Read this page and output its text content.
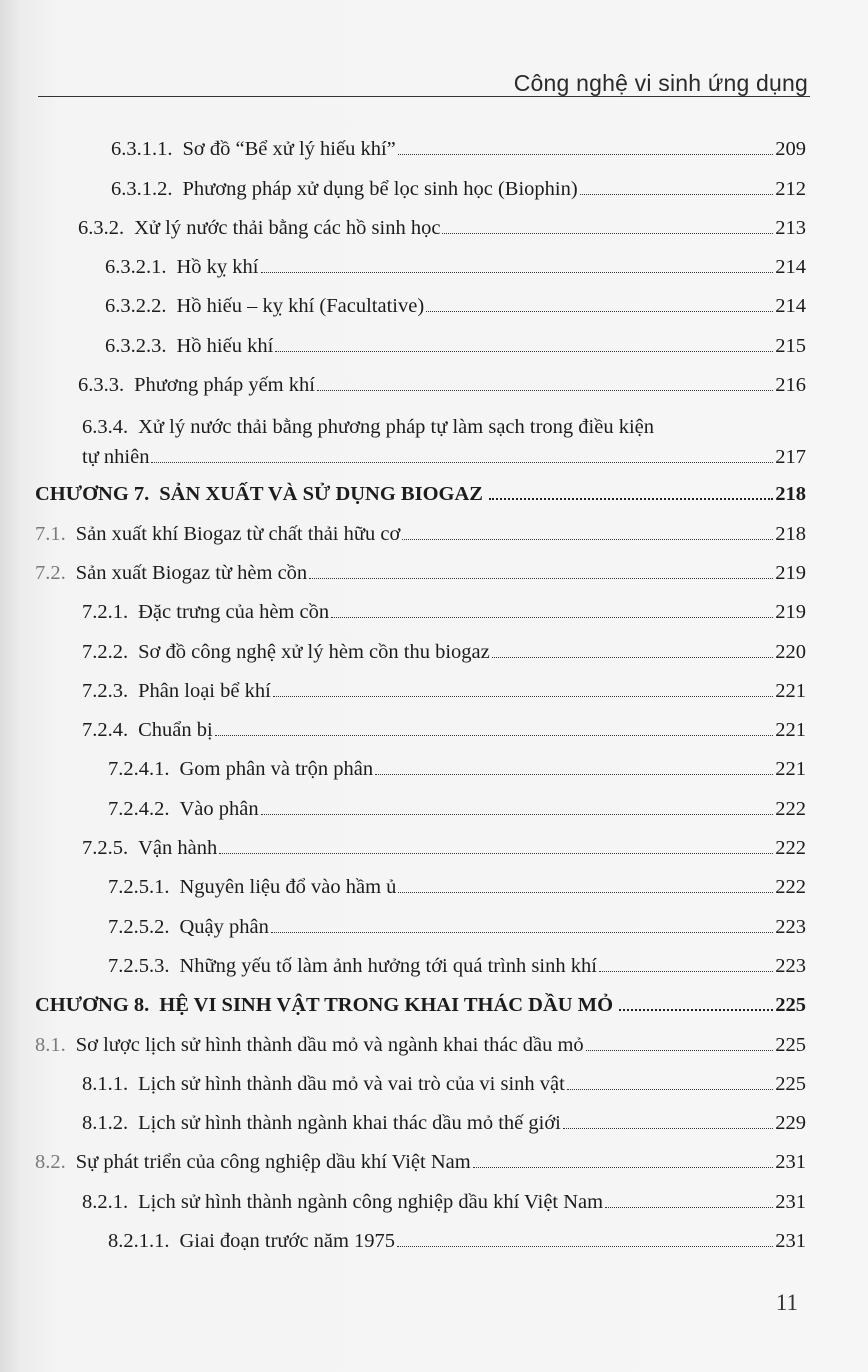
Công nghệ vi sinh ứng dụng
6.3.1.1. Sơ đồ “Bể xử lý hiếu khí”	209
6.3.1.2. Phương pháp xử dụng bể lọc sinh học (Biophin)	212
6.3.2. Xử lý nước thải bằng các hồ sinh học	213
6.3.2.1. Hồ kỵ khí	214
6.3.2.2. Hồ hiếu – kỵ khí (Facultative)	214
6.3.2.3. Hồ hiếu khí	215
6.3.3. Phương pháp yếm khí	216
6.3.4. Xử lý nước thải bằng phương pháp tự làm sạch trong điều kiện
tự nhiên	217
CHƯƠNG 7. SẢN XUẤT VÀ SỬ DỤNG BIOGAZ	218
7.1. Sản xuất khí Biogaz từ chất thải hữu cơ	218
7.2. Sản xuất Biogaz từ hèm cồn	219
7.2.1. Đặc trưng của hèm cồn	219
7.2.2. Sơ đồ công nghệ xử lý hèm cồn thu biogaz	220
7.2.3. Phân loại bể khí	221
7.2.4. Chuẩn bị	221
7.2.4.1. Gom phân và trộn phân	221
7.2.4.2. Vào phân	222
7.2.5. Vận hành	222
7.2.5.1. Nguyên liệu đổ vào hầm ủ	222
7.2.5.2. Quậy phân	223
7.2.5.3. Những yếu tố làm ảnh hưởng tới quá trình sinh khí	223
CHƯƠNG 8. HỆ VI SINH VẬT TRONG KHAI THÁC DẦU MỎ	225
8.1. Sơ lược lịch sử hình thành dầu mỏ và ngành khai thác dầu mỏ	225
8.1.1. Lịch sử hình thành dầu mỏ và vai trò của vi sinh vật	225
8.1.2. Lịch sử hình thành ngành khai thác dầu mỏ thế giới	229
8.2. Sự phát triển của công nghiệp dầu khí Việt Nam	231
8.2.1. Lịch sử hình thành ngành công nghiệp dầu khí Việt Nam	231
8.2.1.1. Giai đoạn trước năm 1975	231
11
